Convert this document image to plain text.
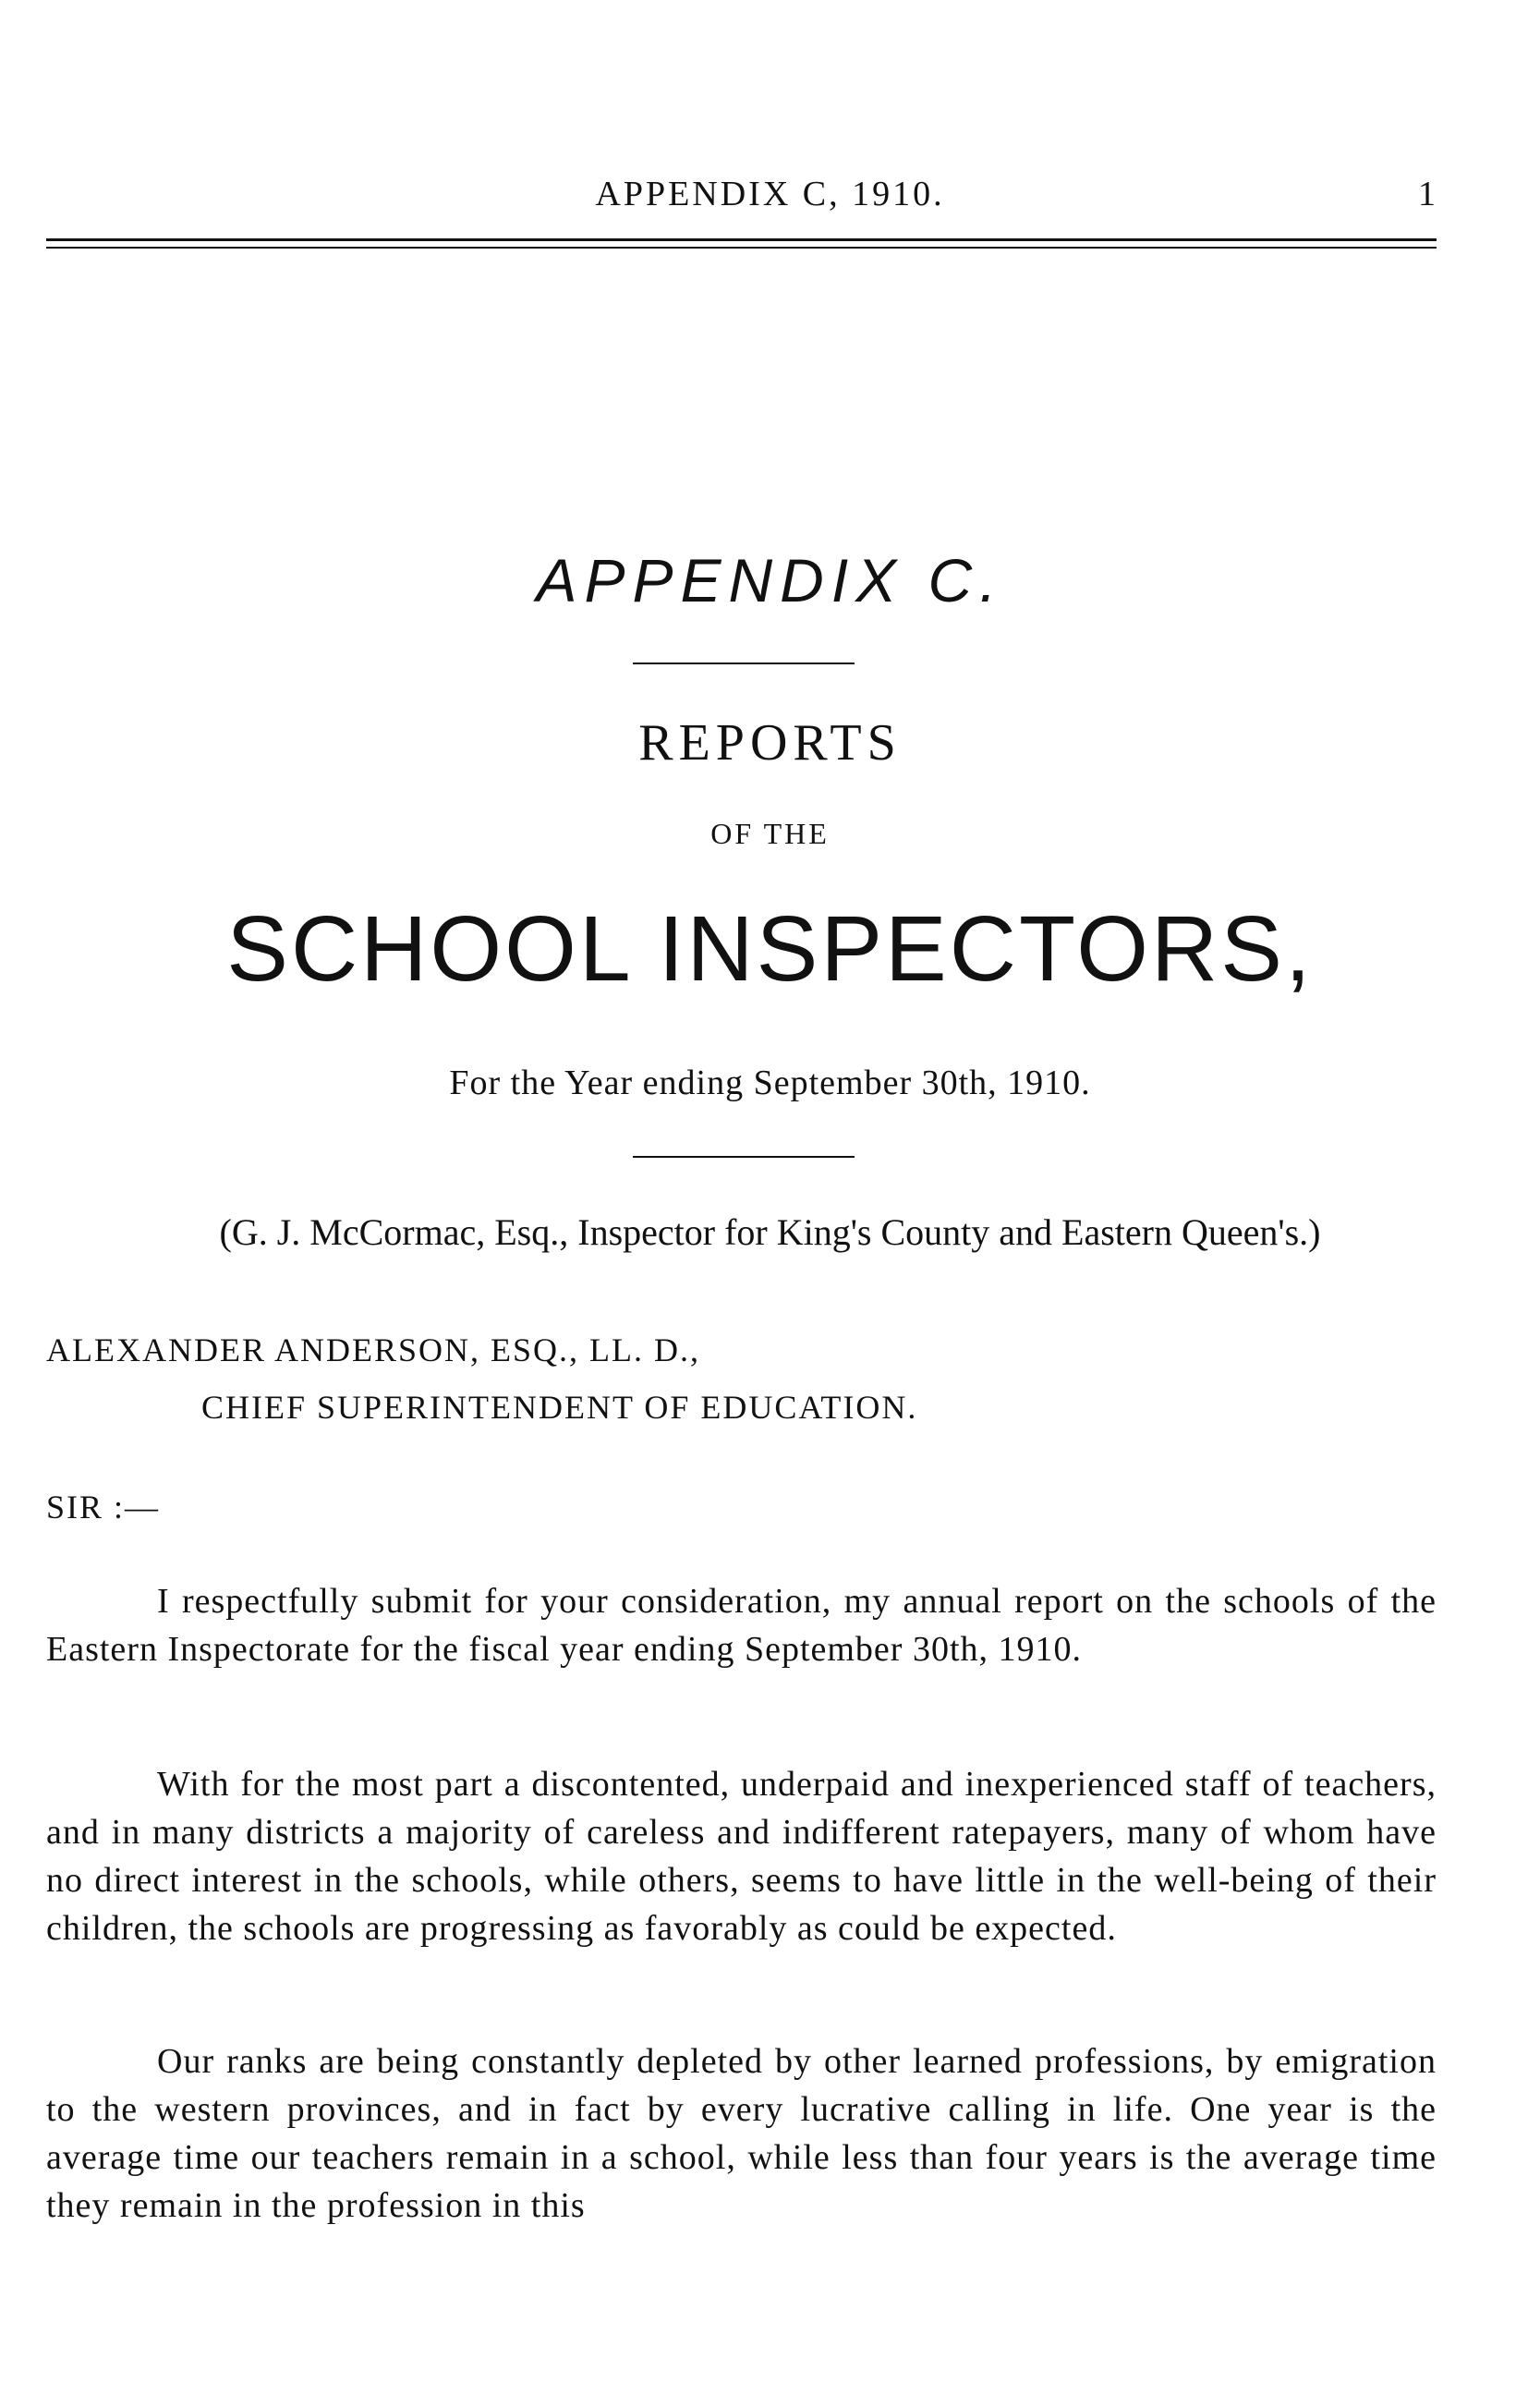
APPENDIX C, 1910.	1
APPENDIX C.
REPORTS
OF THE
SCHOOL INSPECTORS,
For the Year ending September 30th, 1910.
(G. J. McCormac, Esq., Inspector for King's County and Eastern Queen's.)
ALEXANDER ANDERSON, ESQ., LL. D.,
CHIEF SUPERINTENDENT OF EDUCATION.
SIR :—

I respectfully submit for your consideration, my annual report on the schools of the Eastern Inspectorate for the fiscal year ending September 30th, 1910.

With for the most part a discontented, underpaid and inexperienced staff of teachers, and in many districts a majority of careless and indifferent ratepayers, many of whom have no direct interest in the schools, while others, seems to have little in the well-being of their children, the schools are progressing as favorably as could be expected.

Our ranks are being constantly depleted by other learned professions, by emigration to the western provinces, and in fact by every lucrative calling in life. One year is the average time our teachers remain in a school, while less than four years is the average time they remain in the profession in this
